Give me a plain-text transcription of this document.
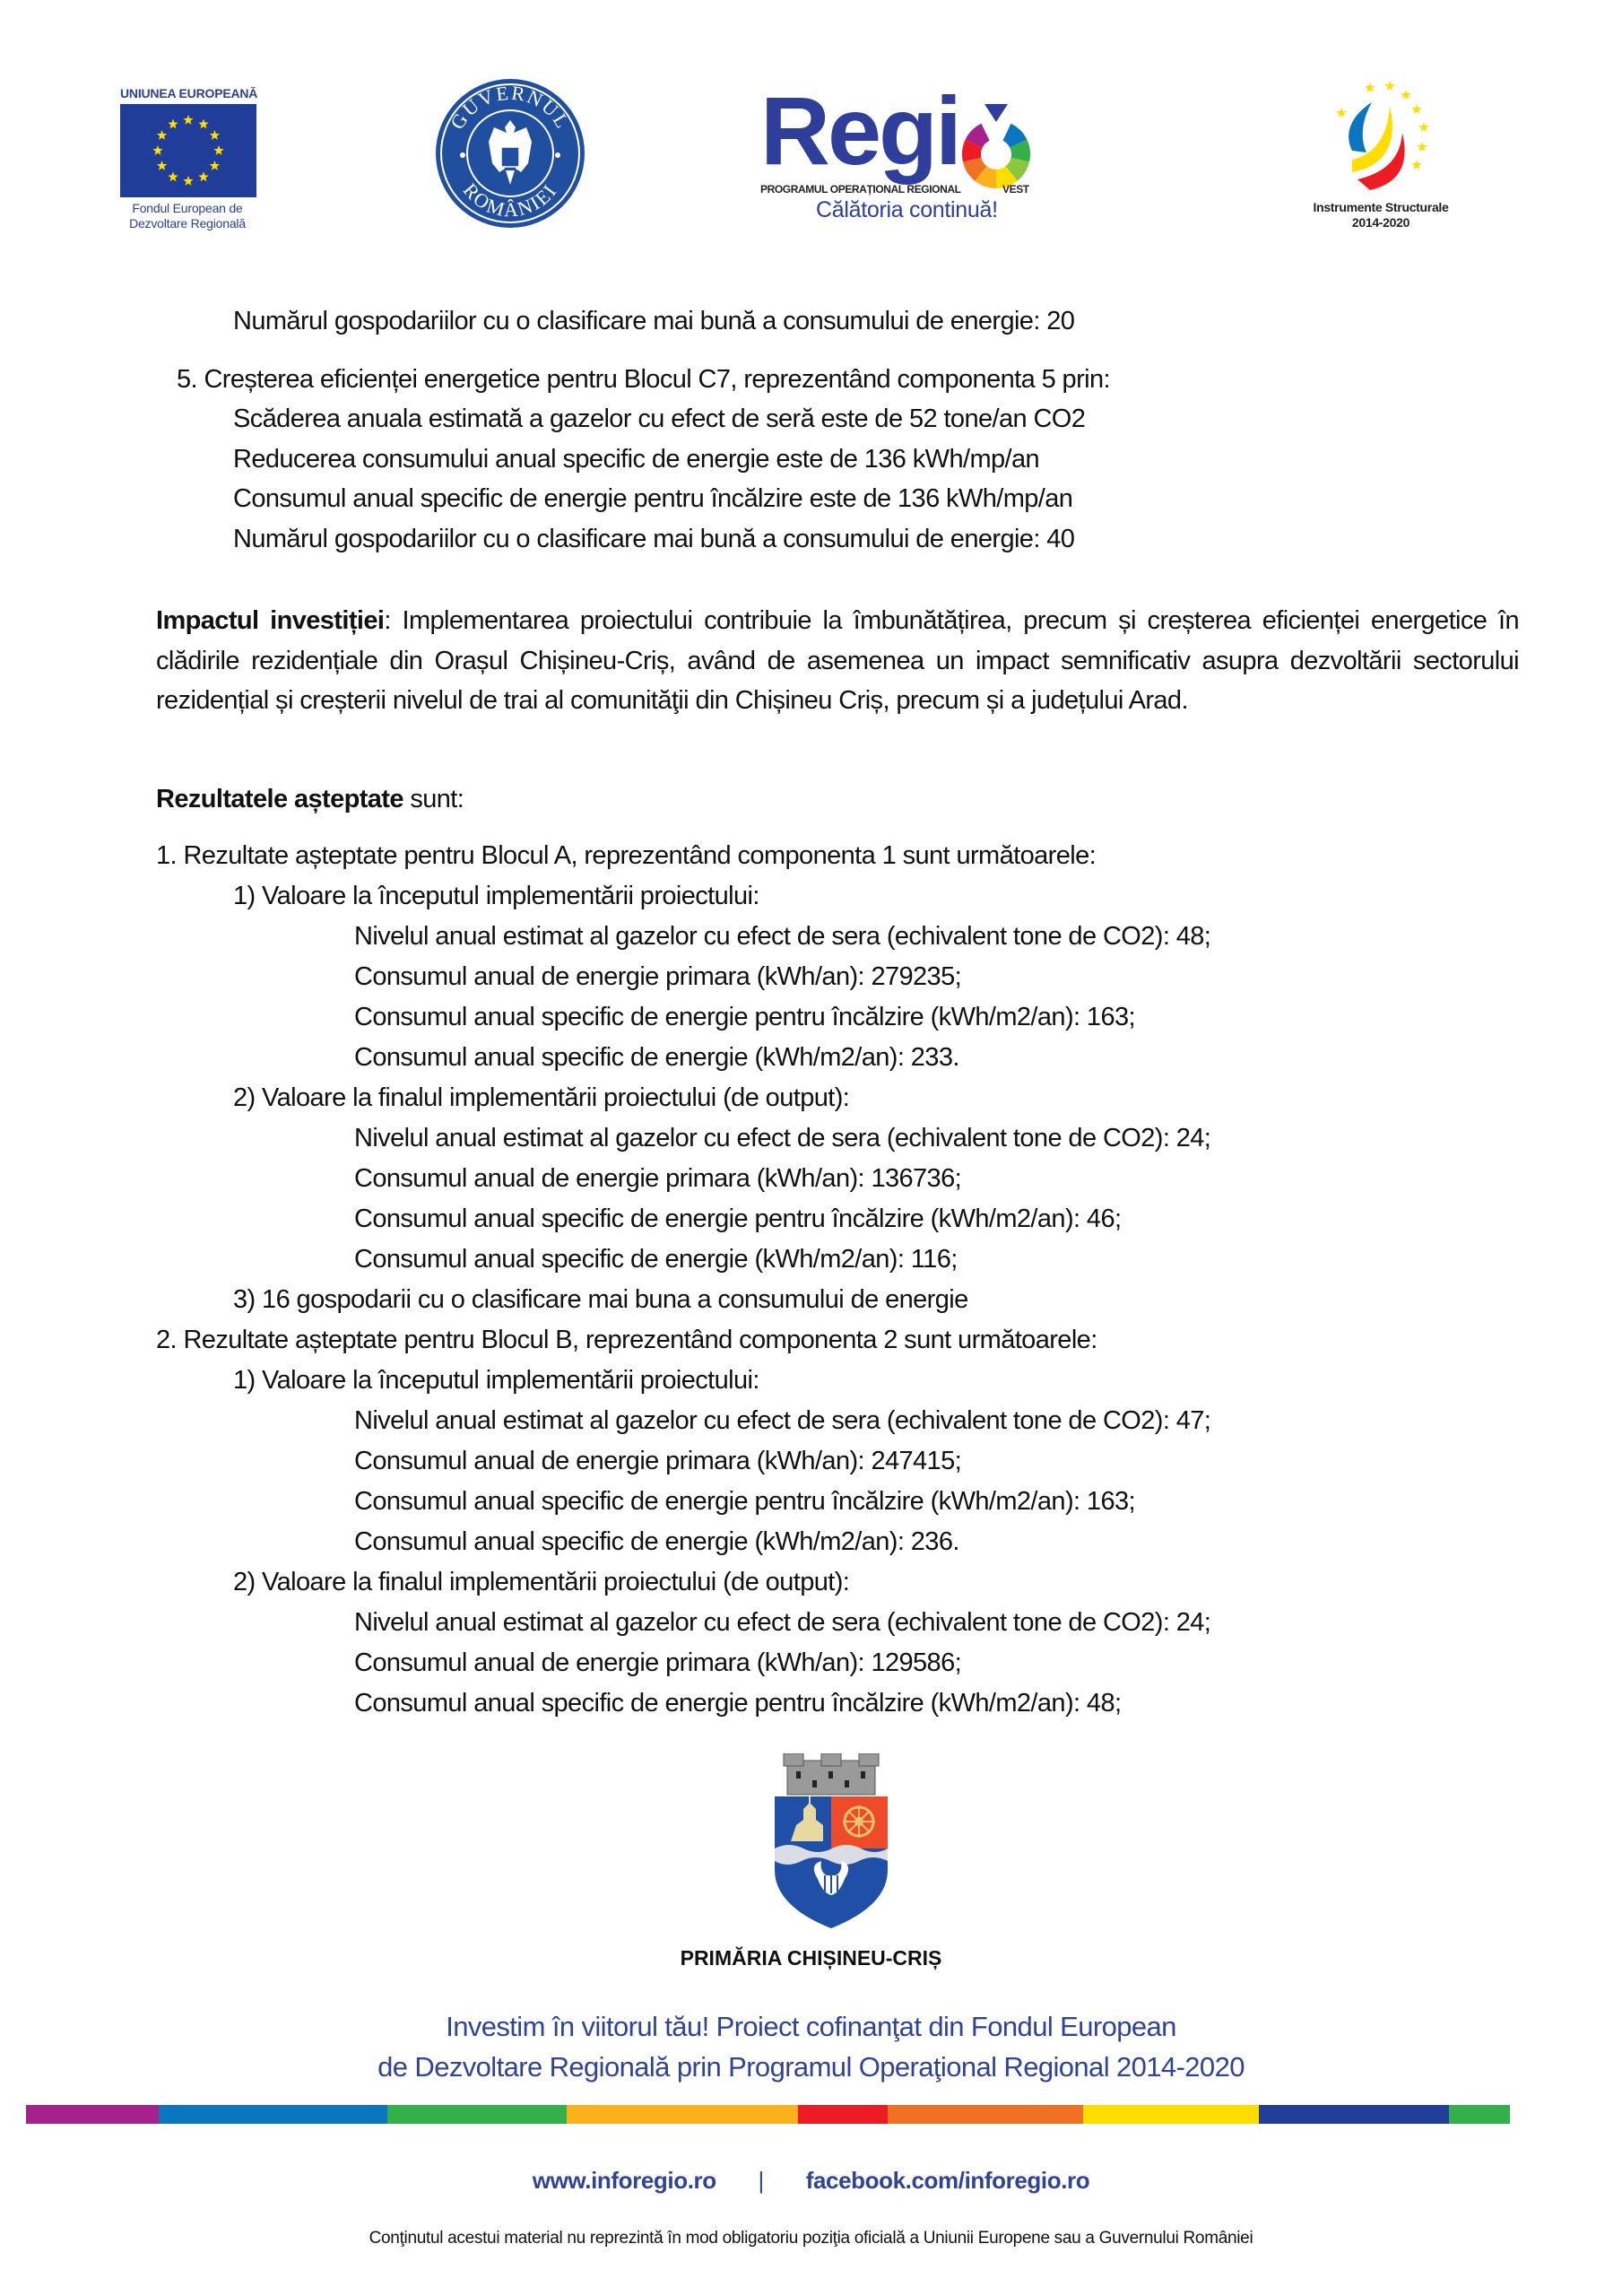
UNIUNEA EUROPEANĂ
Fondul European de
Dezvoltare Regională
GUVERNUL
ROMÂNIEI
Regi
PROGRAMUL OPERAȚIONAL REGIONAL	VEST
Călătoria continuă!	Instrumente Structurale
2014-2020
Numărul gospodariilor cu o clasificare mai bună a consumului de energie: 20
5. Creșterea eficienței energetice pentru Blocul C7, reprezentând componenta 5 prin:
Scăderea anuala estimată a gazelor cu efect de seră este de 52 tone/an CO2
Reducerea consumului anual specific de energie este de 136 kWh/mp/an
Consumul anual specific de energie pentru încălzire este de 136 kWh/mp/an
Numărul gospodariilor cu o clasificare mai bună a consumului de energie: 40
Impactul investiției: Implementarea proiectului contribuie la îmbunătățirea, precum și creșterea eficienței energetice în clădirile rezidențiale din Orașul Chișineu-Criș, având de asemenea un impact semnificativ asupra dezvoltării sectorului rezidențial și creșterii nivelul de trai al comunităţii din Chișineu Criș, precum și a județului Arad.
Rezultatele așteptate sunt:
1. Rezultate așteptate pentru Blocul A, reprezentând componenta 1 sunt următoarele:
1) Valoare la începutul implementării proiectului:
Nivelul anual estimat al gazelor cu efect de sera (echivalent tone de CO2): 48;
Consumul anual de energie primara (kWh/an): 279235;
Consumul anual specific de energie pentru încălzire (kWh/m2/an): 163;
Consumul anual specific de energie (kWh/m2/an): 233.
2) Valoare la finalul implementării proiectului (de output):
Nivelul anual estimat al gazelor cu efect de sera (echivalent tone de CO2): 24;
Consumul anual de energie primara (kWh/an): 136736;
Consumul anual specific de energie pentru încălzire (kWh/m2/an): 46;
Consumul anual specific de energie (kWh/m2/an): 116;
3) 16 gospodarii cu o clasificare mai buna a consumului de energie
2. Rezultate așteptate pentru Blocul B, reprezentând componenta 2 sunt următoarele:
1) Valoare la începutul implementării proiectului:
Nivelul anual estimat al gazelor cu efect de sera (echivalent tone de CO2): 47;
Consumul anual de energie primara (kWh/an): 247415;
Consumul anual specific de energie pentru încălzire (kWh/m2/an): 163;
Consumul anual specific de energie (kWh/m2/an): 236.
2) Valoare la finalul implementării proiectului (de output):
Nivelul anual estimat al gazelor cu efect de sera (echivalent tone de CO2): 24;
Consumul anual de energie primara (kWh/an): 129586;
Consumul anual specific de energie pentru încălzire (kWh/m2/an): 48;
PRIMĂRIA CHIȘINEU-CRIȘ
Investim în viitorul tău! Proiect cofinanţat din Fondul European
de Dezvoltare Regională prin Programul Operaţional Regional 2014-2020
www.inforegio.ro | facebook.com/inforegio.ro
Conţinutul acestui material nu reprezintă în mod obligatoriu poziţia oficială a Uniunii Europene sau a Guvernului României
